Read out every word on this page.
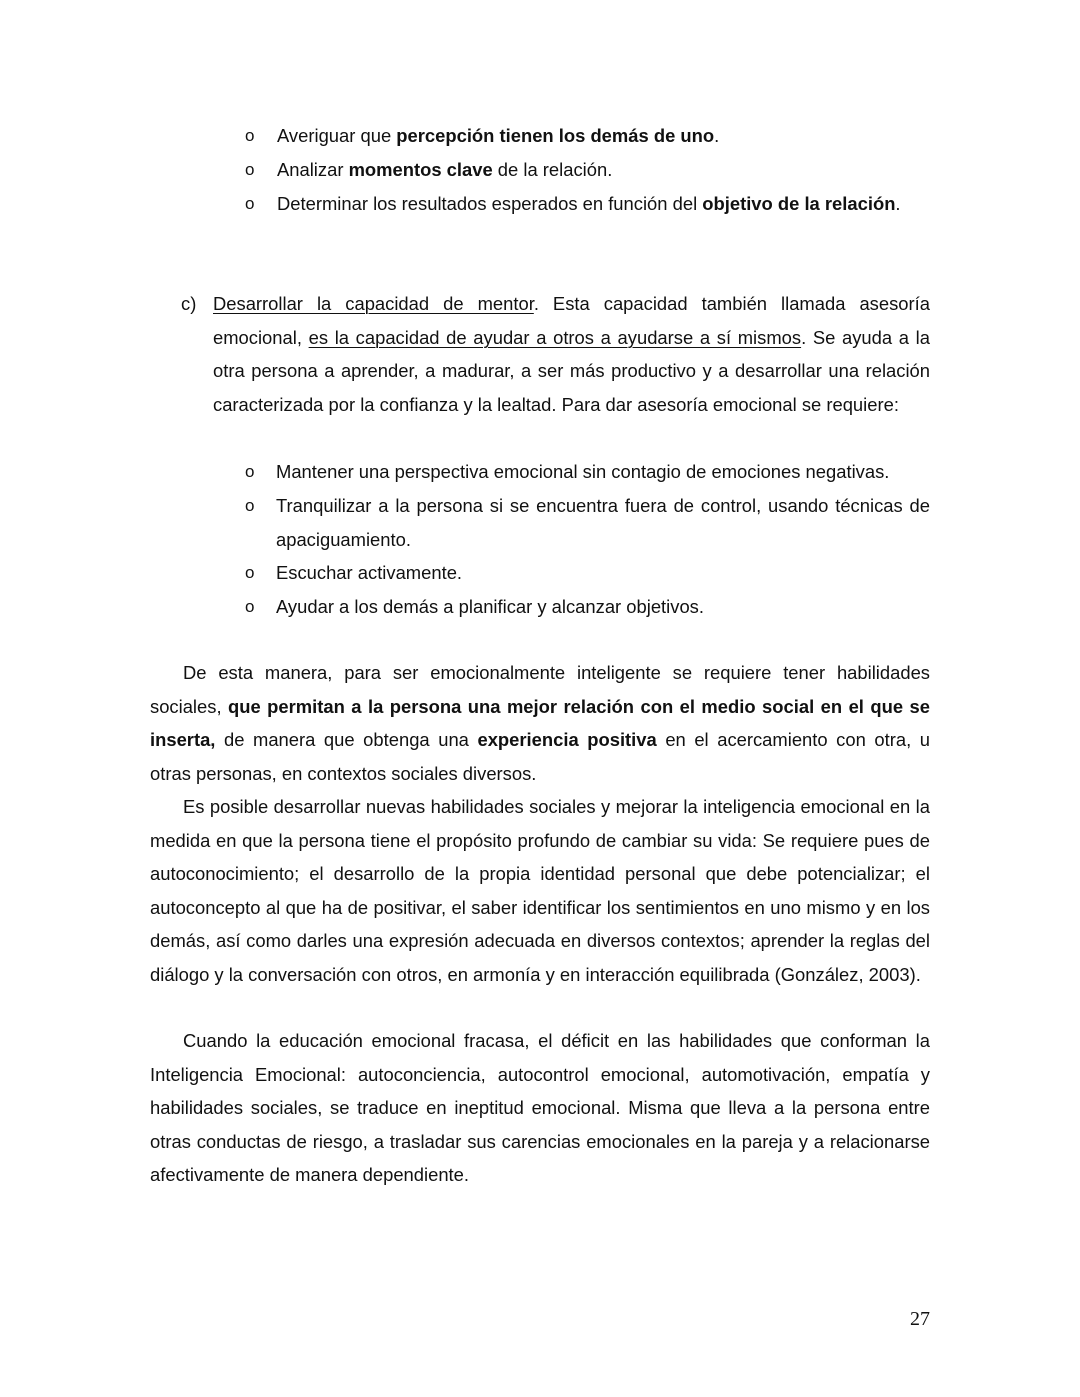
o	Averiguar que percepción tienen los demás de uno.
o	Analizar momentos clave de la relación.
o	Determinar los resultados esperados en función del objetivo de la relación.
c) Desarrollar la capacidad de mentor. Esta capacidad también llamada asesoría emocional, es la capacidad de ayudar a otros a ayudarse a sí mismos. Se ayuda a la otra persona a aprender, a madurar, a ser más productivo y a desarrollar una relación caracterizada por la confianza y la lealtad. Para dar asesoría emocional se requiere:
o	Mantener una perspectiva emocional sin contagio de emociones negativas.
o	Tranquilizar a la persona si se encuentra fuera de control, usando técnicas de apaciguamiento.
o	Escuchar activamente.
o	Ayudar a los demás a planificar y alcanzar objetivos.
De esta manera, para ser emocionalmente inteligente se requiere tener habilidades sociales, que permitan a la persona una mejor relación con el medio social en el que se inserta, de manera que obtenga una experiencia positiva en el acercamiento con otra, u otras personas, en contextos sociales diversos.
Es posible desarrollar nuevas habilidades sociales y mejorar la inteligencia emocional en la medida en que la persona tiene el propósito profundo de cambiar su vida: Se requiere pues de autoconocimiento; el desarrollo de la propia identidad personal que debe potencializar; el autoconcepto al que ha de positivar, el saber identificar los sentimientos en uno mismo y en los demás, así como darles una expresión adecuada en diversos contextos; aprender la reglas del diálogo y la conversación con otros, en armonía y en interacción equilibrada (González, 2003).
Cuando la educación emocional fracasa, el déficit en las habilidades que conforman la Inteligencia Emocional: autoconciencia, autocontrol emocional, automotivación, empatía y habilidades sociales, se traduce en ineptitud emocional. Misma que lleva a la persona entre otras conductas de riesgo, a trasladar sus carencias emocionales en la pareja y a relacionarse afectivamente de manera dependiente.
27
